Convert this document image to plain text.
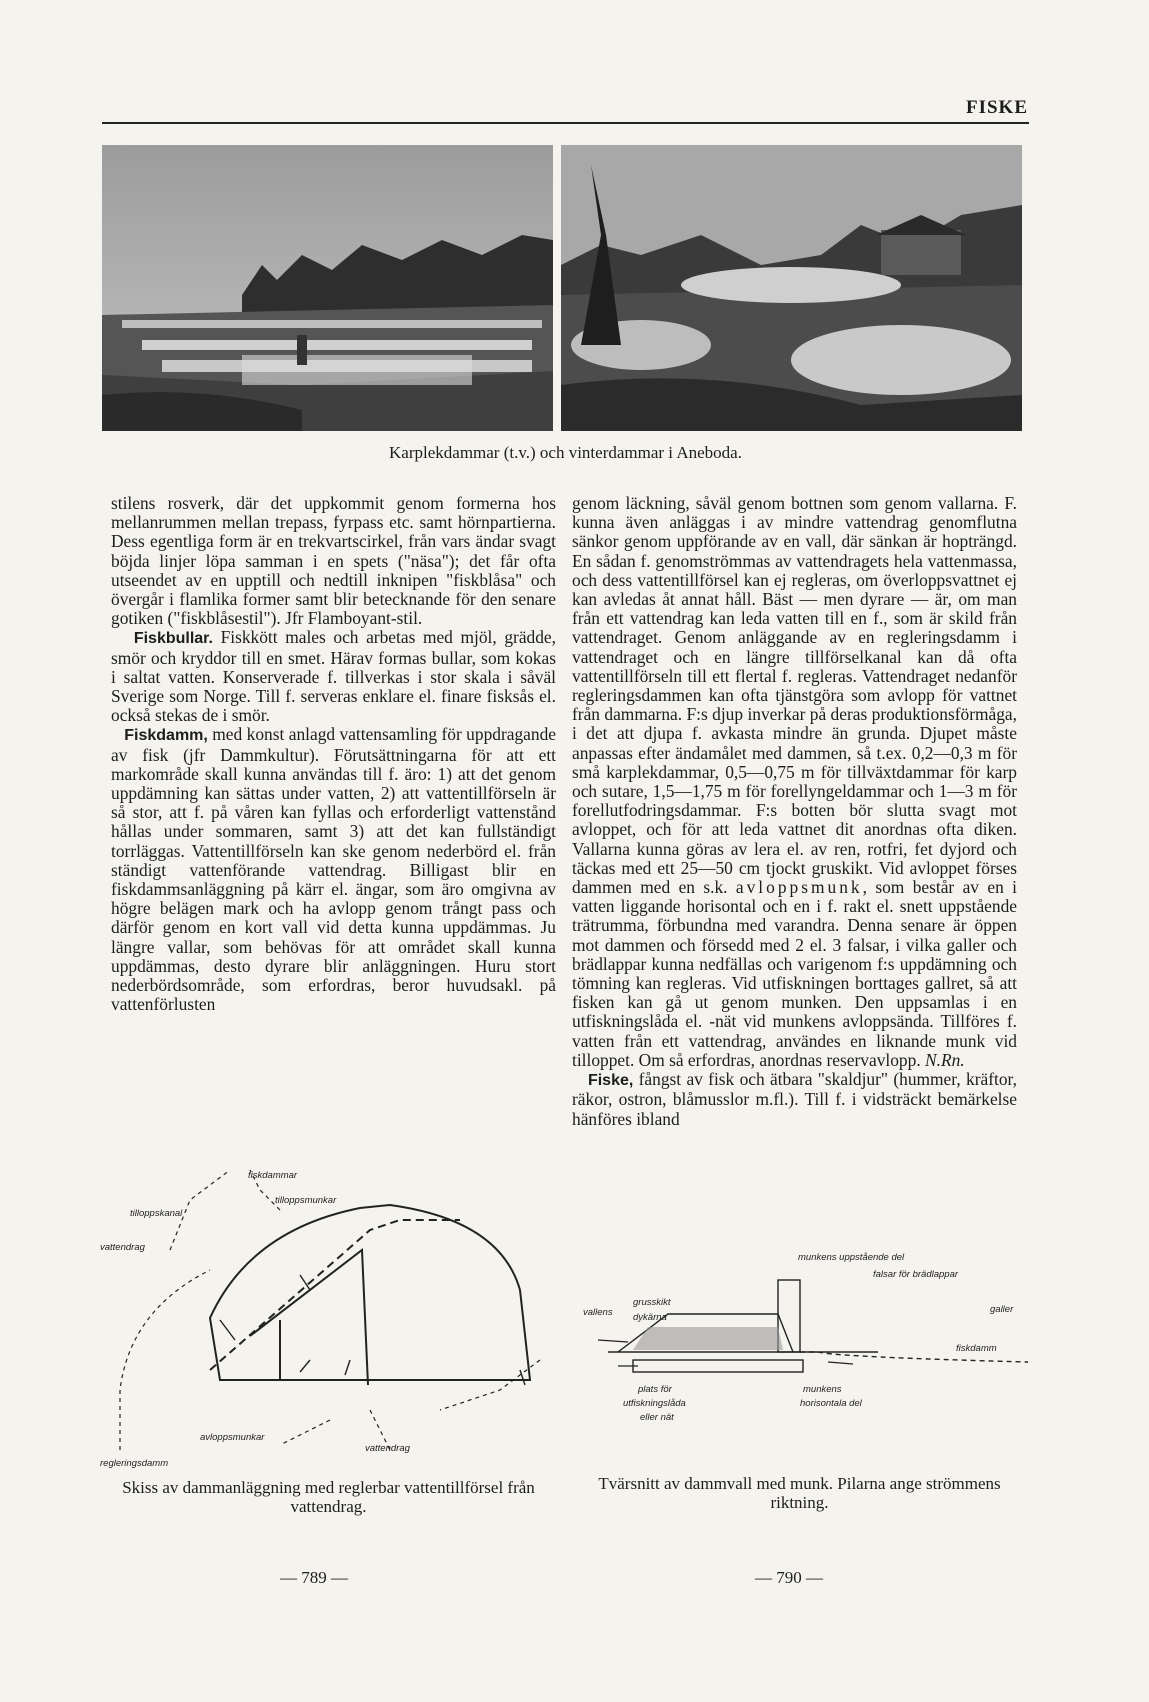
FISKE
Karplekdammar (t.v.) och vinterdammar i Aneboda.

stilens rosverk, där det uppkommit genom formerna hos mellanrummen mellan trepass, fyrpass etc. samt hörnpartierna. Dess egentliga form är en trekvartscirkel, från vars ändar svagt böjda linjer löpa samman i en spets ("näsa"); det får ofta utseendet av en upptill och nedtill inknipen "fiskblåsa" och övergår i flamlika former samt blir betecknande för den senare gotiken ("fiskblåsestil"). Jfr Flamboyant-stil.

Fiskbullar. Fiskkött males och arbetas med mjöl, grädde, smör och kryddor till en smet. Härav formas bullar, som kokas i saltat vatten. Konserverade f. tillverkas i stor skala i såväl Sverige som Norge. Till f. serveras enklare el. finare fisksås el. också stekas de i smör.

Fiskdamm, med konst anlagd vattensamling för uppdragande av fisk (jfr Dammkultur). Förutsättningarna för att ett markområde skall kunna användas till f. äro: 1) att det genom uppdämning kan sättas under vatten, 2) att vattentillförseln är så stor, att f. på våren kan fyllas och erforderligt vattenstånd hållas under sommaren, samt 3) att det kan fullständigt torrläggas. Vattentillförseln kan ske genom nederbörd el. från ständigt vattenförande vattendrag. Billigast blir en fiskdammsanläggning på kärr el. ängar, som äro omgivna av högre belägen mark och ha avlopp genom trångt pass och därför genom en kort vall vid detta kunna uppdämmas. Ju längre vallar, som behövas för att området skall kunna uppdämmas, desto dyrare blir anläggningen. Huru stort nederbördsområde, som erfordras, beror huvudsakl. på vattenförlusten

genom läckning, såväl genom bottnen som genom vallarna. F. kunna även anläggas i av mindre vattendrag genomflutna sänkor genom uppförande av en vall, där sänkan är hopträngd. En sådan f. genomströmmas av vattendragets hela vattenmassa, och dess vattentillförsel kan ej regleras, om överloppsvattnet ej kan avledas åt annat håll. Bäst — men dyrare — är, om man från ett vattendrag kan leda vatten till en f., som är skild från vattendraget. Genom anläggande av en regleringsdamm i vattendraget och en längre tillförselkanal kan då ofta vattentillförseln till ett flertal f. regleras. Vattendraget nedanför regleringsdammen kan ofta tjänstgöra som avlopp för vattnet från dammarna. F:s djup inverkar på deras produktionsförmåga, i det att djupa f. avkasta mindre än grunda. Djupet måste anpassas efter ändamålet med dammen, så t.ex. 0,2—0,3 m för små karplekdammar, 0,5—0,75 m för tillväxtdammar för karp och sutare, 1,5—1,75 m för forellyngeldammar och 1—3 m för forellutfodringsdammar. F:s botten bör slutta svagt mot avloppet, och för att leda vattnet dit anordnas ofta diken. Vallarna kunna göras av lera el. av ren, rotfri, fet dyjord och täckas med ett 25—50 cm tjockt gruskikt. Vid avloppet förses dammen med en s.k. avloppsmunk, som består av en i vatten liggande horisontal och en i f. rakt el. snett uppstående trätrumma, förbundna med varandra. Denna senare är öppen mot dammen och försedd med 2 el. 3 falsar, i vilka galler och brädlappar kunna nedfällas och varigenom f:s uppdämning och tömning kan regleras. Vid utfiskningen borttages gallret, så att fisken kan gå ut genom munken. Den uppsamlas i en utfiskningslåda el. -nät vid munkens avloppsända. Tillföres f. vatten från ett vattendrag, användes en liknande munk vid tilloppet. Om så erfordras, anordnas reservavlopp. N.Rn.

Fiske, fångst av fisk och ätbara "skaldjur" (hummer, kräftor, räkor, ostron, blåmusslor m.fl.). Till f. i vidsträckt bemärkelse hänföres ibland

fiskdammar
tilloppsmunkar
tilloppskanal
vattendrag
avloppsmunkar
vattendrag
regleringsdamm
Skiss av dammanläggning med reglerbar vattentillförsel från vattendrag.
munkens uppstående del
falsar för brädlappar
vallens
grusskikt
dykärna
galler
fiskdamm
plats för
utfiskningslåda
eller nät
munkens
horisontala del
Tvärsnitt av dammvall med munk. Pilarna ange strömmens riktning.
— 789 —	— 790 —
